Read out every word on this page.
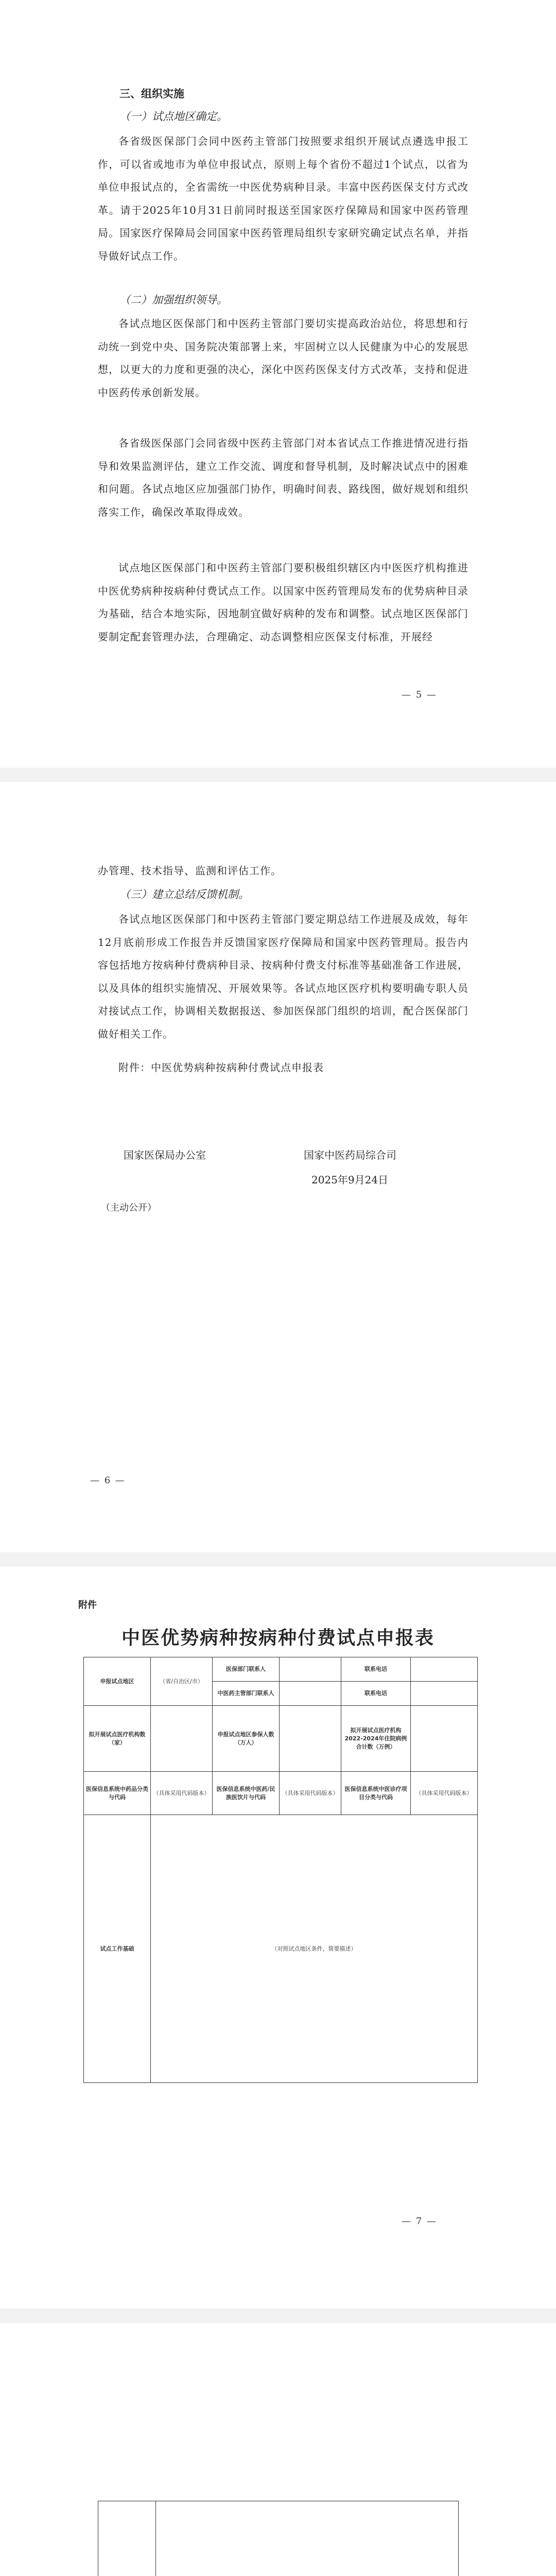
三、组织实施

（一）试点地区确定。

各省级医保部门会同中医药主管部门按照要求组织开展试点遴选申报工作，可以省或地市为单位申报试点，原则上每个省份不超过1个试点，以省为单位申报试点的，全省需统一中医优势病种目录。丰富中医药医保支付方式改革。请于2025年10月31日前同时报送至国家医疗保障局和国家中医药管理局。国家医疗保障局会同国家中医药管理局组织专家研究确定试点名单，并指导做好试点工作。

（二）加强组织领导。

各试点地区医保部门和中医药主管部门要切实提高政治站位，将思想和行动统一到党中央、国务院决策部署上来，牢固树立以人民健康为中心的发展思想，以更大的力度和更强的决心，深化中医药医保支付方式改革，支持和促进中医药传承创新发展。

各省级医保部门会同省级中医药主管部门对本省试点工作推进情况进行指导和效果监测评估，建立工作交流、调度和督导机制，及时解决试点中的困难和问题。各试点地区应加强部门协作，明确时间表、路线图，做好规划和组织落实工作，确保改革取得成效。

试点地区医保部门和中医药主管部门要积极组织辖区内中医医疗机构推进中医优势病种按病种付费试点工作。以国家中医药管理局发布的优势病种目录为基础，结合本地实际，因地制宜做好病种的发布和调整。试点地区医保部门要制定配套管理办法，合理确定、动态调整相应医保支付标准，开展经

— 5 —

办管理、技术指导、监测和评估工作。

（三）建立总结反馈机制。

各试点地区医保部门和中医药主管部门要定期总结工作进展及成效，每年12月底前形成工作报告并反馈国家医疗保障局和国家中医药管理局。报告内容包括地方按病种付费病种目录、按病种付费支付标准等基础准备工作进展，以及具体的组织实施情况、开展效果等。各试点地区医疗机构要明确专职人员对接试点工作，协调相关数据报送、参加医保部门组织的培训，配合医保部门做好相关工作。

附件：中医优势病种按病种付费试点申报表

国家医保局办公室	国家中医药局综合司
2025年9月24日
（主动公开）
— 6 —
附件
中医优势病种按病种付费试点申报表
申报试点地区	（省/自治区/市）	医保部门联系人		联系电话	
		中医药主管部门联系人		联系电话	
拟开展试点医疗机构数（家）		申报试点地区参保人数（万人）		拟开展试点医疗机构2022-2024年住院病例合计数（万例）	
医保信息系统中药品分类与代码	（具体采用代码版本）	医保信息系统中医药/民族医饮片与代码	（具体采用代码版本）	医保信息系统中医诊疗项目分类与代码	（具体采用代码版本）
试点工作基础	（对照试点地区条件，简要描述）				
— 7 —
